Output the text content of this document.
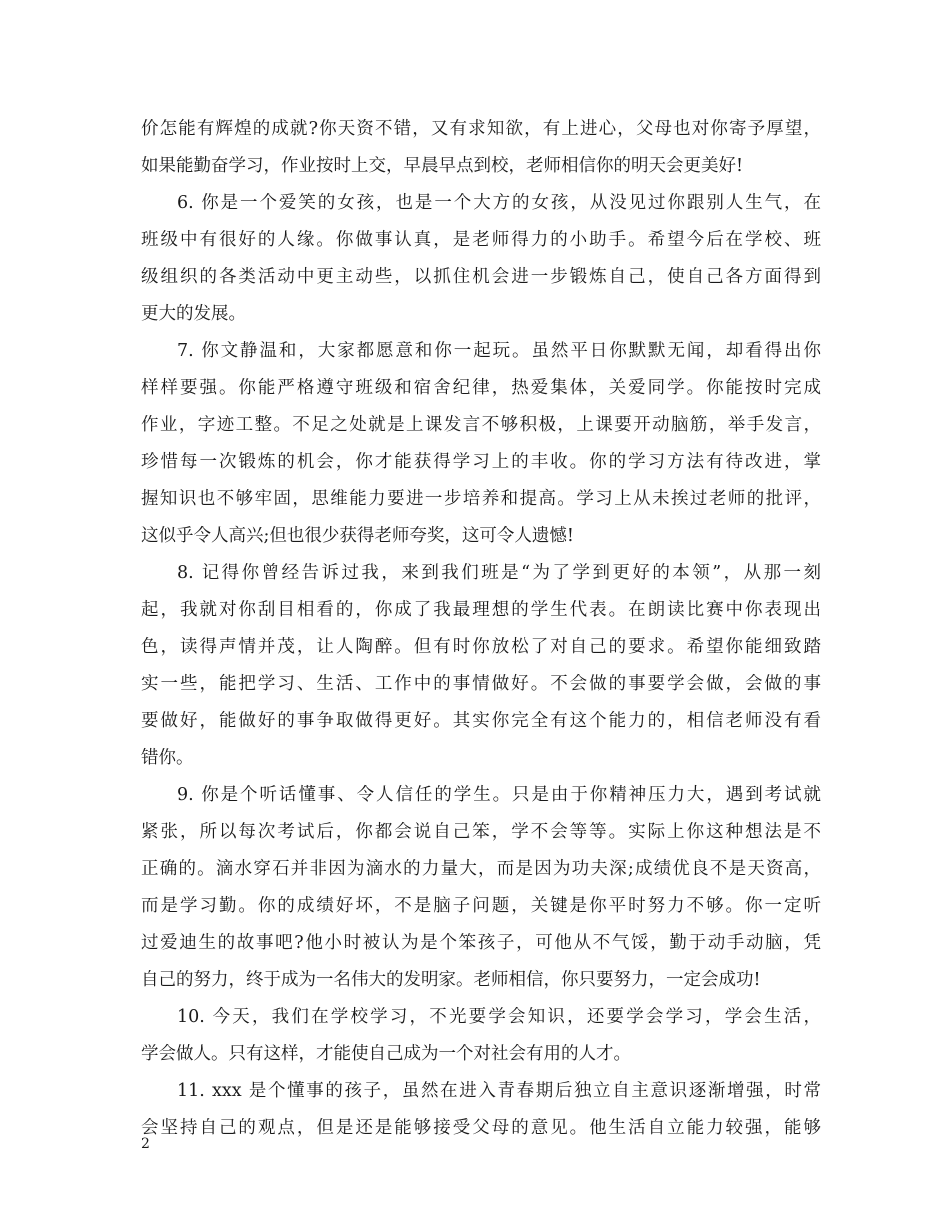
价怎能有辉煌的成就?你天资不错，又有求知欲，有上进心，父母也对你寄予厚望，
如果能勤奋学习，作业按时上交，早晨早点到校，老师相信你的明天会更美好!
6. 你是一个爱笑的女孩，也是一个大方的女孩，从没见过你跟别人生气，在
班级中有很好的人缘。你做事认真，是老师得力的小助手。希望今后在学校、班
级组织的各类活动中更主动些，以抓住机会进一步锻炼自己，使自己各方面得到
更大的发展。
7. 你文静温和，大家都愿意和你一起玩。虽然平日你默默无闻，却看得出你
样样要强。你能严格遵守班级和宿舍纪律，热爱集体，关爱同学。你能按时完成
作业，字迹工整。不足之处就是上课发言不够积极，上课要开动脑筋，举手发言，
珍惜每一次锻炼的机会，你才能获得学习上的丰收。你的学习方法有待改进，掌
握知识也不够牢固，思维能力要进一步培养和提高。学习上从未挨过老师的批评，
这似乎令人高兴;但也很少获得老师夸奖，这可令人遗憾!
8. 记得你曾经告诉过我，来到我们班是“为了学到更好的本领”，从那一刻
起，我就对你刮目相看的，你成了我最理想的学生代表。在朗读比赛中你表现出
色，读得声情并茂，让人陶醉。但有时你放松了对自己的要求。希望你能细致踏
实一些，能把学习、生活、工作中的事情做好。不会做的事要学会做，会做的事
要做好，能做好的事争取做得更好。其实你完全有这个能力的，相信老师没有看
错你。
9. 你是个听话懂事、令人信任的学生。只是由于你精神压力大，遇到考试就
紧张，所以每次考试后，你都会说自己笨，学不会等等。实际上你这种想法是不
正确的。滴水穿石并非因为滴水的力量大，而是因为功夫深;成绩优良不是天资高，
而是学习勤。你的成绩好坏，不是脑子问题，关键是你平时努力不够。你一定听
过爱迪生的故事吧?他小时被认为是个笨孩子，可他从不气馁，勤于动手动脑，凭
自己的努力，终于成为一名伟大的发明家。老师相信，你只要努力，一定会成功!
10. 今天，我们在学校学习，不光要学会知识，还要学会学习，学会生活，
学会做人。只有这样，才能使自己成为一个对社会有用的人才。
11. xxx 是个懂事的孩子，虽然在进入青春期后独立自主意识逐渐增强，时常
会坚持自己的观点，但是还是能够接受父母的意见。他生活自立能力较强，能够
2
